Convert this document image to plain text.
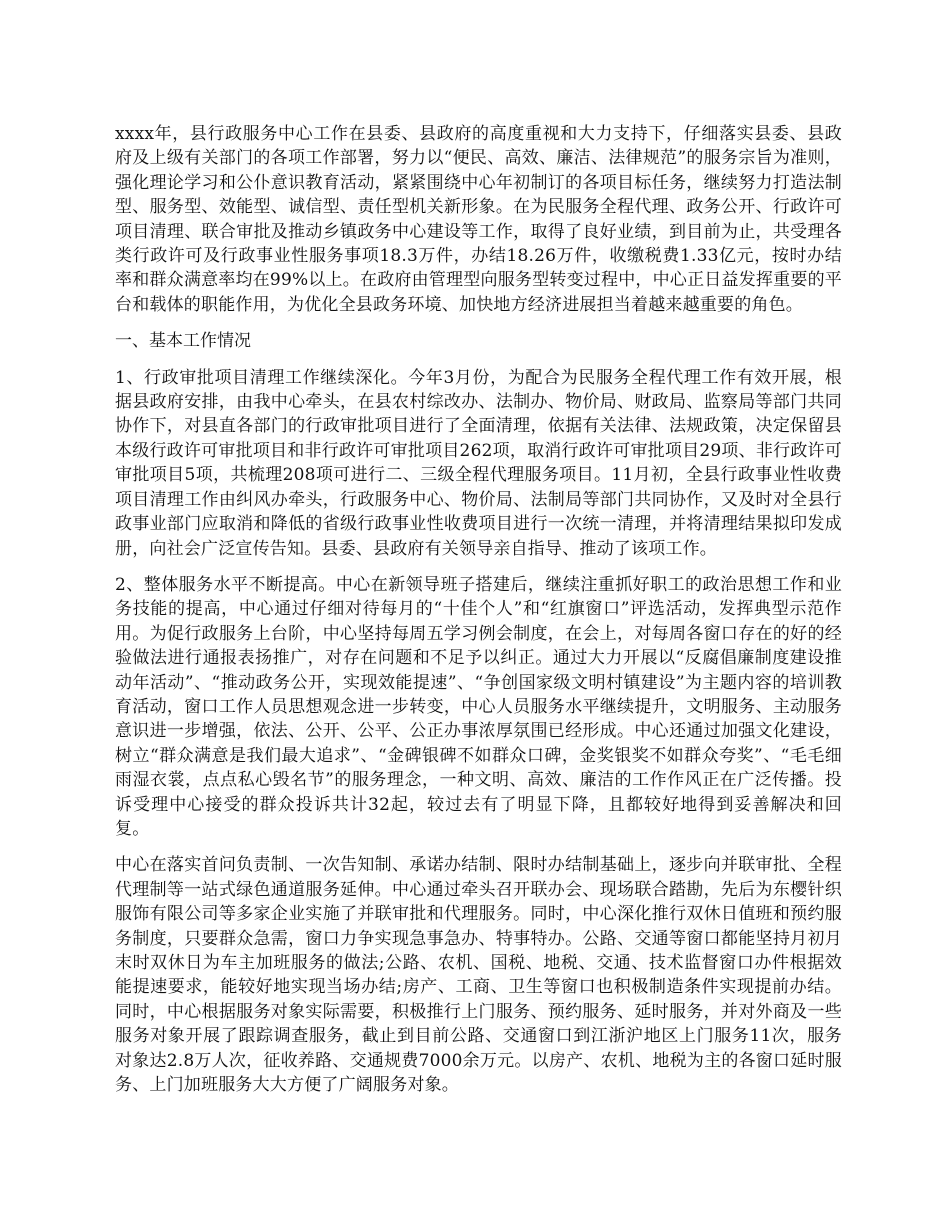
xxxx年，县行政服务中心工作在县委、县政府的高度重视和大力支持下，仔细落实县委、县政府及上级有关部门的各项工作部署，努力以“便民、高效、廉洁、法律规范”的服务宗旨为准则，强化理论学习和公仆意识教育活动，紧紧围绕中心年初制订的各项目标任务，继续努力打造法制型、服务型、效能型、诚信型、责任型机关新形象。在为民服务全程代理、政务公开、行政许可项目清理、联合审批及推动乡镇政务中心建设等工作，取得了良好业绩，到目前为止，共受理各类行政许可及行政事业性服务事项18.3万件，办结18.26万件，收缴税费1.33亿元，按时办结率和群众满意率均在99%以上。在政府由管理型向服务型转变过程中，中心正日益发挥重要的平台和载体的职能作用，为优化全县政务环境、加快地方经济进展担当着越来越重要的角色。

一、基本工作情况

1、行政审批项目清理工作继续深化。今年3月份，为配合为民服务全程代理工作有效开展，根据县政府安排，由我中心牵头，在县农村综改办、法制办、物价局、财政局、监察局等部门共同协作下，对县直各部门的行政审批项目进行了全面清理，依据有关法律、法规政策，决定保留县本级行政许可审批项目和非行政许可审批项目262项，取消行政许可审批项目29项、非行政许可审批项目5项，共梳理208项可进行二、三级全程代理服务项目。11月初，全县行政事业性收费项目清理工作由纠风办牵头，行政服务中心、物价局、法制局等部门共同协作，又及时对全县行政事业部门应取消和降低的省级行政事业性收费项目进行一次统一清理，并将清理结果拟印发成册，向社会广泛宣传告知。县委、县政府有关领导亲自指导、推动了该项工作。

2、整体服务水平不断提高。中心在新领导班子搭建后，继续注重抓好职工的政治思想工作和业务技能的提高，中心通过仔细对待每月的“十佳个人”和“红旗窗口”评选活动，发挥典型示范作用。为促行政服务上台阶，中心坚持每周五学习例会制度，在会上，对每周各窗口存在的好的经验做法进行通报表扬推广，对存在问题和不足予以纠正。通过大力开展以“反腐倡廉制度建设推动年活动”、“推动政务公开，实现效能提速”、“争创国家级文明村镇建设”为主题内容的培训教育活动，窗口工作人员思想观念进一步转变，中心人员服务水平继续提升，文明服务、主动服务意识进一步增强，依法、公开、公平、公正办事浓厚氛围已经形成。中心还通过加强文化建设，树立“群众满意是我们最大追求”、“金碑银碑不如群众口碑，金奖银奖不如群众夸奖”、“毛毛细雨湿衣裳，点点私心毁名节”的服务理念，一种文明、高效、廉洁的工作作风正在广泛传播。投诉受理中心接受的群众投诉共计32起，较过去有了明显下降，且都较好地得到妥善解决和回复。

中心在落实首问负责制、一次告知制、承诺办结制、限时办结制基础上，逐步向并联审批、全程代理制等一站式绿色通道服务延伸。中心通过牵头召开联办会、现场联合踏勘，先后为东樱针织服饰有限公司等多家企业实施了并联审批和代理服务。同时，中心深化推行双休日值班和预约服务制度，只要群众急需，窗口力争实现急事急办、特事特办。公路、交通等窗口都能坚持月初月末时双休日为车主加班服务的做法;公路、农机、国税、地税、交通、技术监督窗口办件根据效能提速要求，能较好地实现当场办结;房产、工商、卫生等窗口也积极制造条件实现提前办结。同时，中心根据服务对象实际需要，积极推行上门服务、预约服务、延时服务，并对外商及一些服务对象开展了跟踪调查服务，截止到目前公路、交通窗口到江浙沪地区上门服务11次，服务对象达2.8万人次，征收养路、交通规费7000余万元。以房产、农机、地税为主的各窗口延时服务、上门加班服务大大方便了广阔服务对象。
